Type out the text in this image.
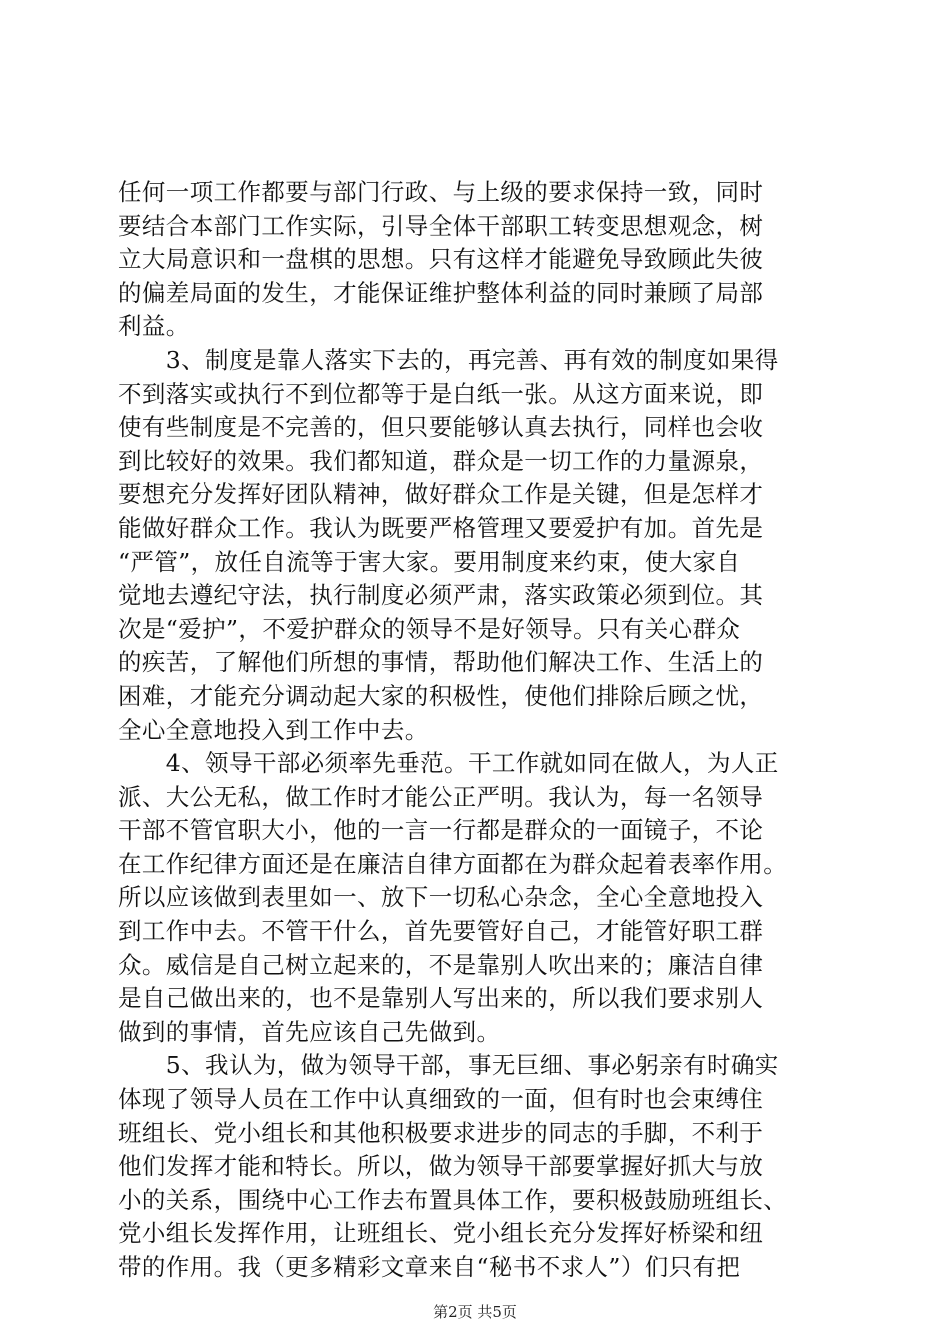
任何一项工作都要与部门行政、与上级的要求保持一致，同时
要结合本部门工作实际，引导全体干部职工转变思想观念，树
立大局意识和一盘棋的思想。只有这样才能避免导致顾此失彼
的偏差局面的发生，才能保证维护整体利益的同时兼顾了局部
利益。
　　3、制度是靠人落实下去的，再完善、再有效的制度如果得
不到落实或执行不到位都等于是白纸一张。从这方面来说，即
使有些制度是不完善的，但只要能够认真去执行，同样也会收
到比较好的效果。我们都知道，群众是一切工作的力量源泉，
要想充分发挥好团队精神，做好群众工作是关键，但是怎样才
能做好群众工作。我认为既要严格管理又要爱护有加。首先是
“严管”，放任自流等于害大家。要用制度来约束，使大家自
觉地去遵纪守法，执行制度必须严肃，落实政策必须到位。其
次是“爱护”，不爱护群众的领导不是好领导。只有关心群众
的疾苦，了解他们所想的事情，帮助他们解决工作、生活上的
困难，才能充分调动起大家的积极性，使他们排除后顾之忧，
全心全意地投入到工作中去。
　　4、领导干部必须率先垂范。干工作就如同在做人，为人正
派、大公无私，做工作时才能公正严明。我认为，每一名领导
干部不管官职大小，他的一言一行都是群众的一面镜子，不论
在工作纪律方面还是在廉洁自律方面都在为群众起着表率作用。
所以应该做到表里如一、放下一切私心杂念，全心全意地投入
到工作中去。不管干什么，首先要管好自己，才能管好职工群
众。威信是自己树立起来的，不是靠别人吹出来的；廉洁自律
是自己做出来的，也不是靠别人写出来的，所以我们要求别人
做到的事情，首先应该自己先做到。
　　5、我认为，做为领导干部，事无巨细、事必躬亲有时确实
体现了领导人员在工作中认真细致的一面，但有时也会束缚住
班组长、党小组长和其他积极要求进步的同志的手脚，不利于
他们发挥才能和特长。所以，做为领导干部要掌握好抓大与放
小的关系，围绕中心工作去布置具体工作，要积极鼓励班组长、
党小组长发挥作用，让班组长、党小组长充分发挥好桥梁和纽
带的作用。我（更多精彩文章来自“秘书不求人”）们只有把
第2页 共5页
